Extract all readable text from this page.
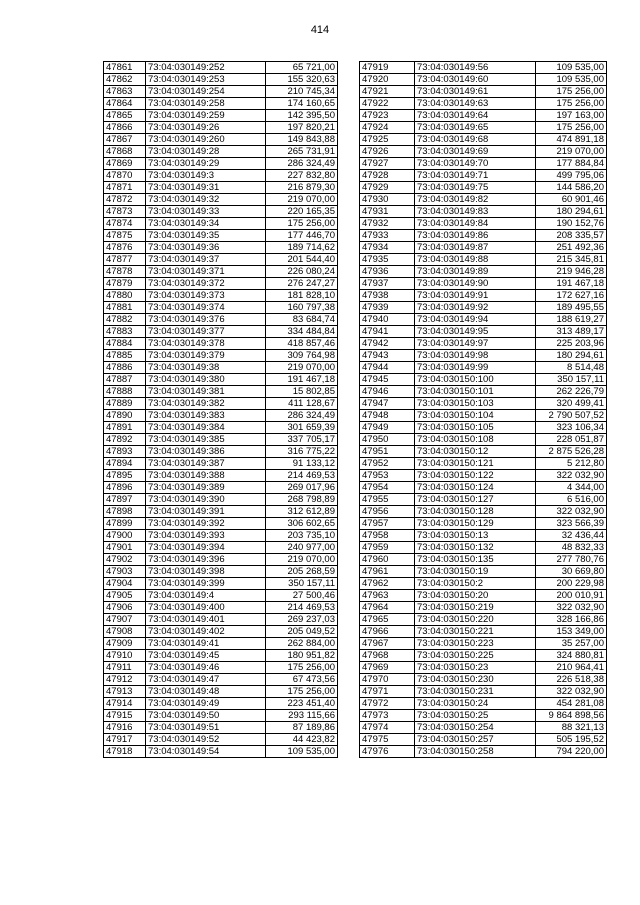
414
47861	73:04:030149:252	65 721,00
47862	73:04:030149:253	155 320,63
47863	73:04:030149:254	210 745,34
47864	73:04:030149:258	174 160,65
47865	73:04:030149:259	142 395,50
47866	73:04:030149:26	197 820,21
47867	73:04:030149:260	149 843,88
47868	73:04:030149:28	265 731,91
47869	73:04:030149:29	286 324,49
47870	73:04:030149:3	227 832,80
47871	73:04:030149:31	216 879,30
47872	73:04:030149:32	219 070,00
47873	73:04:030149:33	220 165,35
47874	73:04:030149:34	175 256,00
47875	73:04:030149:35	177 446,70
47876	73:04:030149:36	189 714,62
47877	73:04:030149:37	201 544,40
47878	73:04:030149:371	226 080,24
47879	73:04:030149:372	276 247,27
47880	73:04:030149:373	181 828,10
47881	73:04:030149:374	160 797,38
47882	73:04:030149:376	83 684,74
47883	73:04:030149:377	334 484,84
47884	73:04:030149:378	418 857,46
47885	73:04:030149:379	309 764,98
47886	73:04:030149:38	219 070,00
47887	73:04:030149:380	191 467,18
47888	73:04:030149:381	15 802,85
47889	73:04:030149:382	411 128,67
47890	73:04:030149:383	286 324,49
47891	73:04:030149:384	301 659,39
47892	73:04:030149:385	337 705,17
47893	73:04:030149:386	316 775,22
47894	73:04:030149:387	91 133,12
47895	73:04:030149:388	214 469,53
47896	73:04:030149:389	269 017,96
47897	73:04:030149:390	268 798,89
47898	73:04:030149:391	312 612,89
47899	73:04:030149:392	306 602,65
47900	73:04:030149:393	203 735,10
47901	73:04:030149:394	240 977,00
47902	73:04:030149:396	219 070,00
47903	73:04:030149:398	205 268,59
47904	73:04:030149:399	350 157,11
47905	73:04:030149:4	27 500,46
47906	73:04:030149:400	214 469,53
47907	73:04:030149:401	269 237,03
47908	73:04:030149:402	205 049,52
47909	73:04:030149:41	262 884,00
47910	73:04:030149:45	180 951,82
47911	73:04:030149:46	175 256,00
47912	73:04:030149:47	67 473,56
47913	73:04:030149:48	175 256,00
47914	73:04:030149:49	223 451,40
47915	73:04:030149:50	293 115,66
47916	73:04:030149:51	87 189,86
47917	73:04:030149:52	44 423,82
47918	73:04:030149:54	109 535,00
47919	73:04:030149:56	109 535,00
47920	73:04:030149:60	109 535,00
47921	73:04:030149:61	175 256,00
47922	73:04:030149:63	175 256,00
47923	73:04:030149:64	197 163,00
47924	73:04:030149:65	175 256,00
47925	73:04:030149:68	474 891,18
47926	73:04:030149:69	219 070,00
47927	73:04:030149:70	177 884,84
47928	73:04:030149:71	499 795,06
47929	73:04:030149:75	144 586,20
47930	73:04:030149:82	60 901,46
47931	73:04:030149:83	180 294,61
47932	73:04:030149:84	190 152,76
47933	73:04:030149:86	208 335,57
47934	73:04:030149:87	251 492,36
47935	73:04:030149:88	215 345,81
47936	73:04:030149:89	219 946,28
47937	73:04:030149:90	191 467,18
47938	73:04:030149:91	172 627,16
47939	73:04:030149:92	189 495,55
47940	73:04:030149:94	188 619,27
47941	73:04:030149:95	313 489,17
47942	73:04:030149:97	225 203,96
47943	73:04:030149:98	180 294,61
47944	73:04:030149:99	8 514,48
47945	73:04:030150:100	350 157,11
47946	73:04:030150:101	262 226,79
47947	73:04:030150:103	320 499,41
47948	73:04:030150:104	2 790 507,52
47949	73:04:030150:105	323 106,34
47950	73:04:030150:108	228 051,87
47951	73:04:030150:12	2 875 526,28
47952	73:04:030150:121	5 212,80
47953	73:04:030150:122	322 032,90
47954	73:04:030150:124	4 344,00
47955	73:04:030150:127	6 516,00
47956	73:04:030150:128	322 032,90
47957	73:04:030150:129	323 566,39
47958	73:04:030150:13	32 436,44
47959	73:04:030150:132	48 832,33
47960	73:04:030150:135	277 780,76
47961	73:04:030150:19	30 669,80
47962	73:04:030150:2	200 229,98
47963	73:04:030150:20	200 010,91
47964	73:04:030150:219	322 032,90
47965	73:04:030150:220	328 166,86
47966	73:04:030150:221	153 349,00
47967	73:04:030150:223	35 257,00
47968	73:04:030150:225	324 880,81
47969	73:04:030150:23	210 964,41
47970	73:04:030150:230	226 518,38
47971	73:04:030150:231	322 032,90
47972	73:04:030150:24	454 281,08
47973	73:04:030150:25	9 864 898,56
47974	73:04:030150:254	88 321,13
47975	73:04:030150:257	505 195,52
47976	73:04:030150:258	794 220,00
